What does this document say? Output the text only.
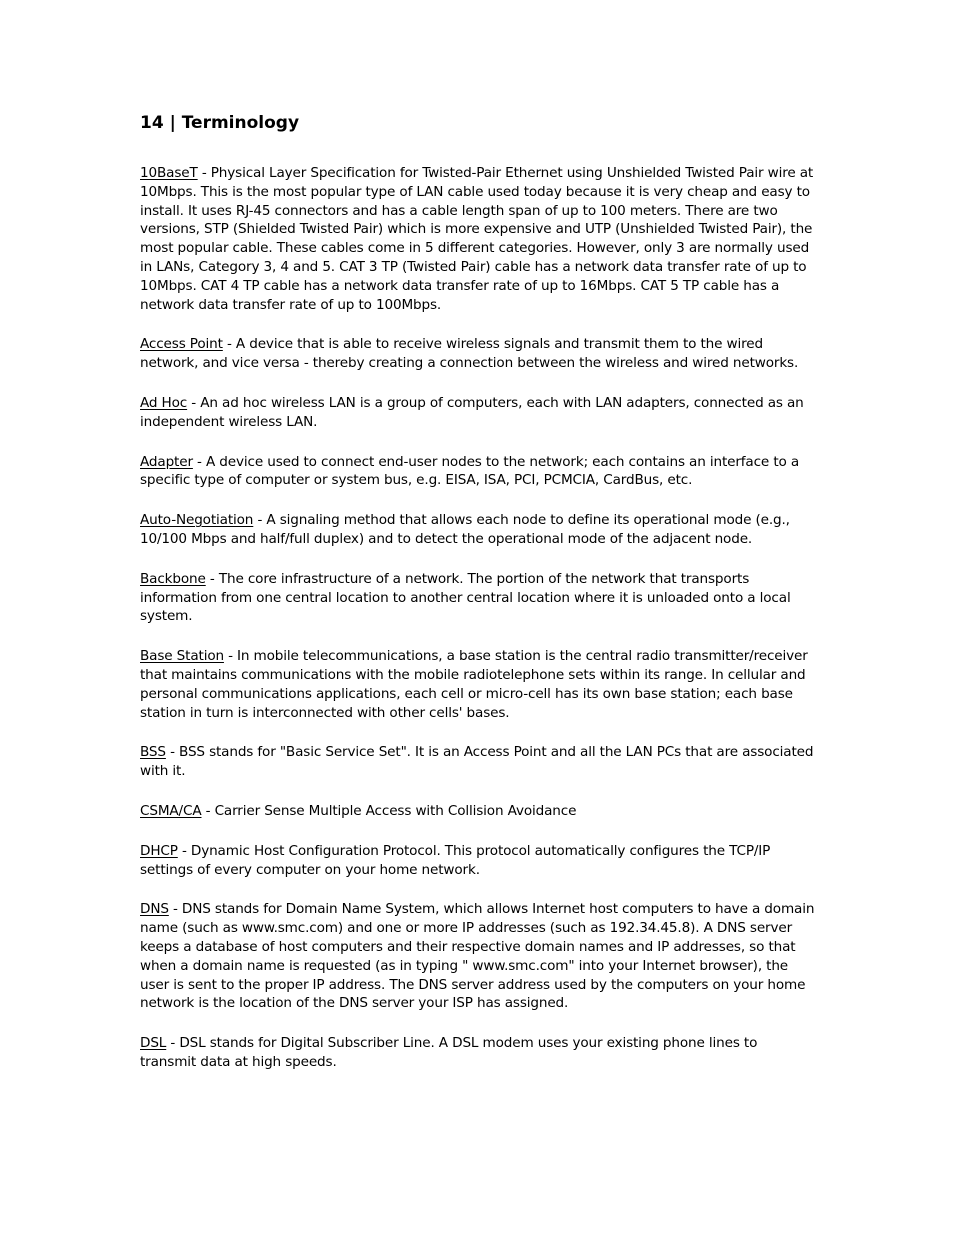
14 | Terminology
10BaseT - Physical Layer Specification for Twisted-Pair Ethernet using Unshielded Twisted Pair wire at 10Mbps. This is the most popular type of LAN cable used today because it is very cheap and easy to install. It uses RJ-45 connectors and has a cable length span of up to 100 meters. There are two versions, STP (Shielded Twisted Pair) which is more expensive and UTP (Unshielded Twisted Pair), the most popular cable. These cables come in 5 different categories. However, only 3 are normally used in LANs, Category 3, 4 and 5. CAT 3 TP (Twisted Pair) cable has a network data transfer rate of up to 10Mbps. CAT 4 TP cable has a network data transfer rate of up to 16Mbps. CAT 5 TP cable has a network data transfer rate of up to 100Mbps.
Access Point - A device that is able to receive wireless signals and transmit them to the wired network, and vice versa - thereby creating a connection between the wireless and wired networks.
Ad Hoc - An ad hoc wireless LAN is a group of computers, each with LAN adapters, connected as an independent wireless LAN.
Adapter - A device used to connect end-user nodes to the network; each contains an interface to a specific type of computer or system bus, e.g. EISA, ISA, PCI, PCMCIA, CardBus, etc.
Auto-Negotiation - A signaling method that allows each node to define its operational mode (e.g., 10/100 Mbps and half/full duplex) and to detect the operational mode of the adjacent node.
Backbone - The core infrastructure of a network. The portion of the network that transports information from one central location to another central location where it is unloaded onto a local system.
Base Station - In mobile telecommunications, a base station is the central radio transmitter/receiver that maintains communications with the mobile radiotelephone sets within its range. In cellular and personal communications applications, each cell or micro-cell has its own base station; each base station in turn is interconnected with other cells' bases.
BSS - BSS stands for "Basic Service Set". It is an Access Point and all the LAN PCs that are associated with it.
CSMA/CA - Carrier Sense Multiple Access with Collision Avoidance
DHCP - Dynamic Host Configuration Protocol. This protocol automatically configures the TCP/IP settings of every computer on your home network.
DNS - DNS stands for Domain Name System, which allows Internet host computers to have a domain name (such as www.smc.com) and one or more IP addresses (such as 192.34.45.8). A DNS server keeps a database of host computers and their respective domain names and IP addresses, so that when a domain name is requested (as in typing " www.smc.com" into your Internet browser), the user is sent to the proper IP address. The DNS server address used by the computers on your home network is the location of the DNS server your ISP has assigned.
DSL - DSL stands for Digital Subscriber Line. A DSL modem uses your existing phone lines to transmit data at high speeds.
